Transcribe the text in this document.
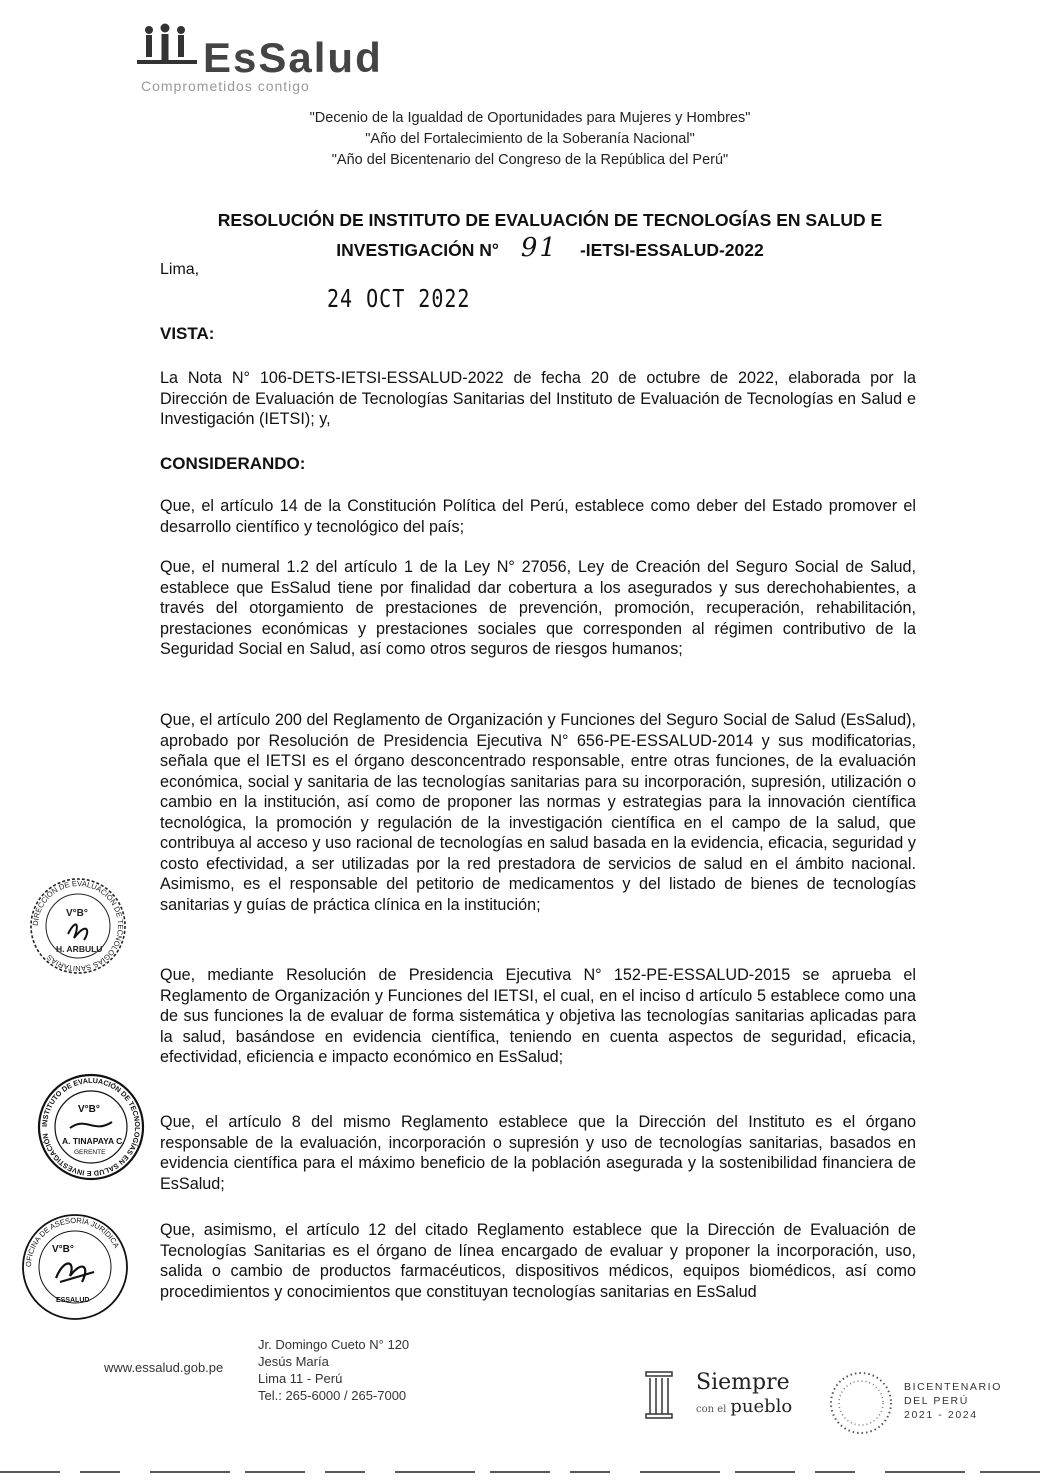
EsSalud
Comprometidos contigo
"Decenio de la Igualdad de Oportunidades para Mujeres y Hombres"
"Año del Fortalecimiento de la Soberanía Nacional"
"Año del Bicentenario del Congreso de la República del Perú"
RESOLUCIÓN DE INSTITUTO DE EVALUACIÓN DE TECNOLOGÍAS EN SALUD E
INVESTIGACIÓN N° 91 -IETSI-ESSALUD-2022
Lima,
24 OCT 2022
VISTA:
La Nota N° 106-DETS-IETSI-ESSALUD-2022 de fecha 20 de octubre de 2022, elaborada por la Dirección de Evaluación de Tecnologías Sanitarias del Instituto de Evaluación de Tecnologías en Salud e Investigación (IETSI); y,
CONSIDERANDO:
Que, el artículo 14 de la Constitución Política del Perú, establece como deber del Estado promover el desarrollo científico y tecnológico del país;
Que, el numeral 1.2 del artículo 1 de la Ley N° 27056, Ley de Creación del Seguro Social de Salud, establece que EsSalud tiene por finalidad dar cobertura a los asegurados y sus derechohabientes, a través del otorgamiento de prestaciones de prevención, promoción, recuperación, rehabilitación, prestaciones económicas y prestaciones sociales que corresponden al régimen contributivo de la Seguridad Social en Salud, así como otros seguros de riesgos humanos;
Que, el artículo 200 del Reglamento de Organización y Funciones del Seguro Social de Salud (EsSalud), aprobado por Resolución de Presidencia Ejecutiva N° 656-PE-ESSALUD-2014 y sus modificatorias, señala que el IETSI es el órgano desconcentrado responsable, entre otras funciones, de la evaluación económica, social y sanitaria de las tecnologías sanitarias para su incorporación, supresión, utilización o cambio en la institución, así como de proponer las normas y estrategias para la innovación científica tecnológica, la promoción y regulación de la investigación científica en el campo de la salud, que contribuya al acceso y uso racional de tecnologías en salud basada en la evidencia, eficacia, seguridad y costo efectividad, a ser utilizadas por la red prestadora de servicios de salud en el ámbito nacional. Asimismo, es el responsable del petitorio de medicamentos y del listado de bienes de tecnologías sanitarias y guías de práctica clínica en la institución;
Que, mediante Resolución de Presidencia Ejecutiva N° 152-PE-ESSALUD-2015 se aprueba el Reglamento de Organización y Funciones del IETSI, el cual, en el inciso d artículo 5 establece como una de sus funciones la de evaluar de forma sistemática y objetiva las tecnologías sanitarias aplicadas para la salud, basándose en evidencia científica, teniendo en cuenta aspectos de seguridad, eficacia, efectividad, eficiencia e impacto económico en EsSalud;
Que, el artículo 8 del mismo Reglamento establece que la Dirección del Instituto es el órgano responsable de la evaluación, incorporación o supresión y uso de tecnologías sanitarias, basados en evidencia científica para el máximo beneficio de la población asegurada y la sostenibilidad financiera de EsSalud;
Que, asimismo, el artículo 12 del citado Reglamento establece que la Dirección de Evaluación de Tecnologías Sanitarias es el órgano de línea encargado de evaluar y proponer la incorporación, uso, salida o cambio de productos farmacéuticos, dispositivos médicos, equipos biomédicos, así como procedimientos y conocimientos que constituyan tecnologías sanitarias en EsSalud
DIRECCIÓN DE EVALUACIÓN DE TECNOLOGÍAS SANITARIAS
V°B°
H. ARBULU
INSTITUTO DE EVALUACIÓN DE TECNOLOGÍAS EN SALUD E INVESTIGACIÓN
V°B°
A. TINAPAYA C.
GERENTE
OFICINA DE ASESORÍA JURÍDICA
V°B°
ESSALUD
www.essalud.gob.pe
Jr. Domingo Cueto N° 120
Jesús María
Lima 11 - Perú
Tel.: 265-6000 / 265-7000
Siempre
con el pueblo
BICENTENARIO
DEL PERÚ
2021 - 2024
